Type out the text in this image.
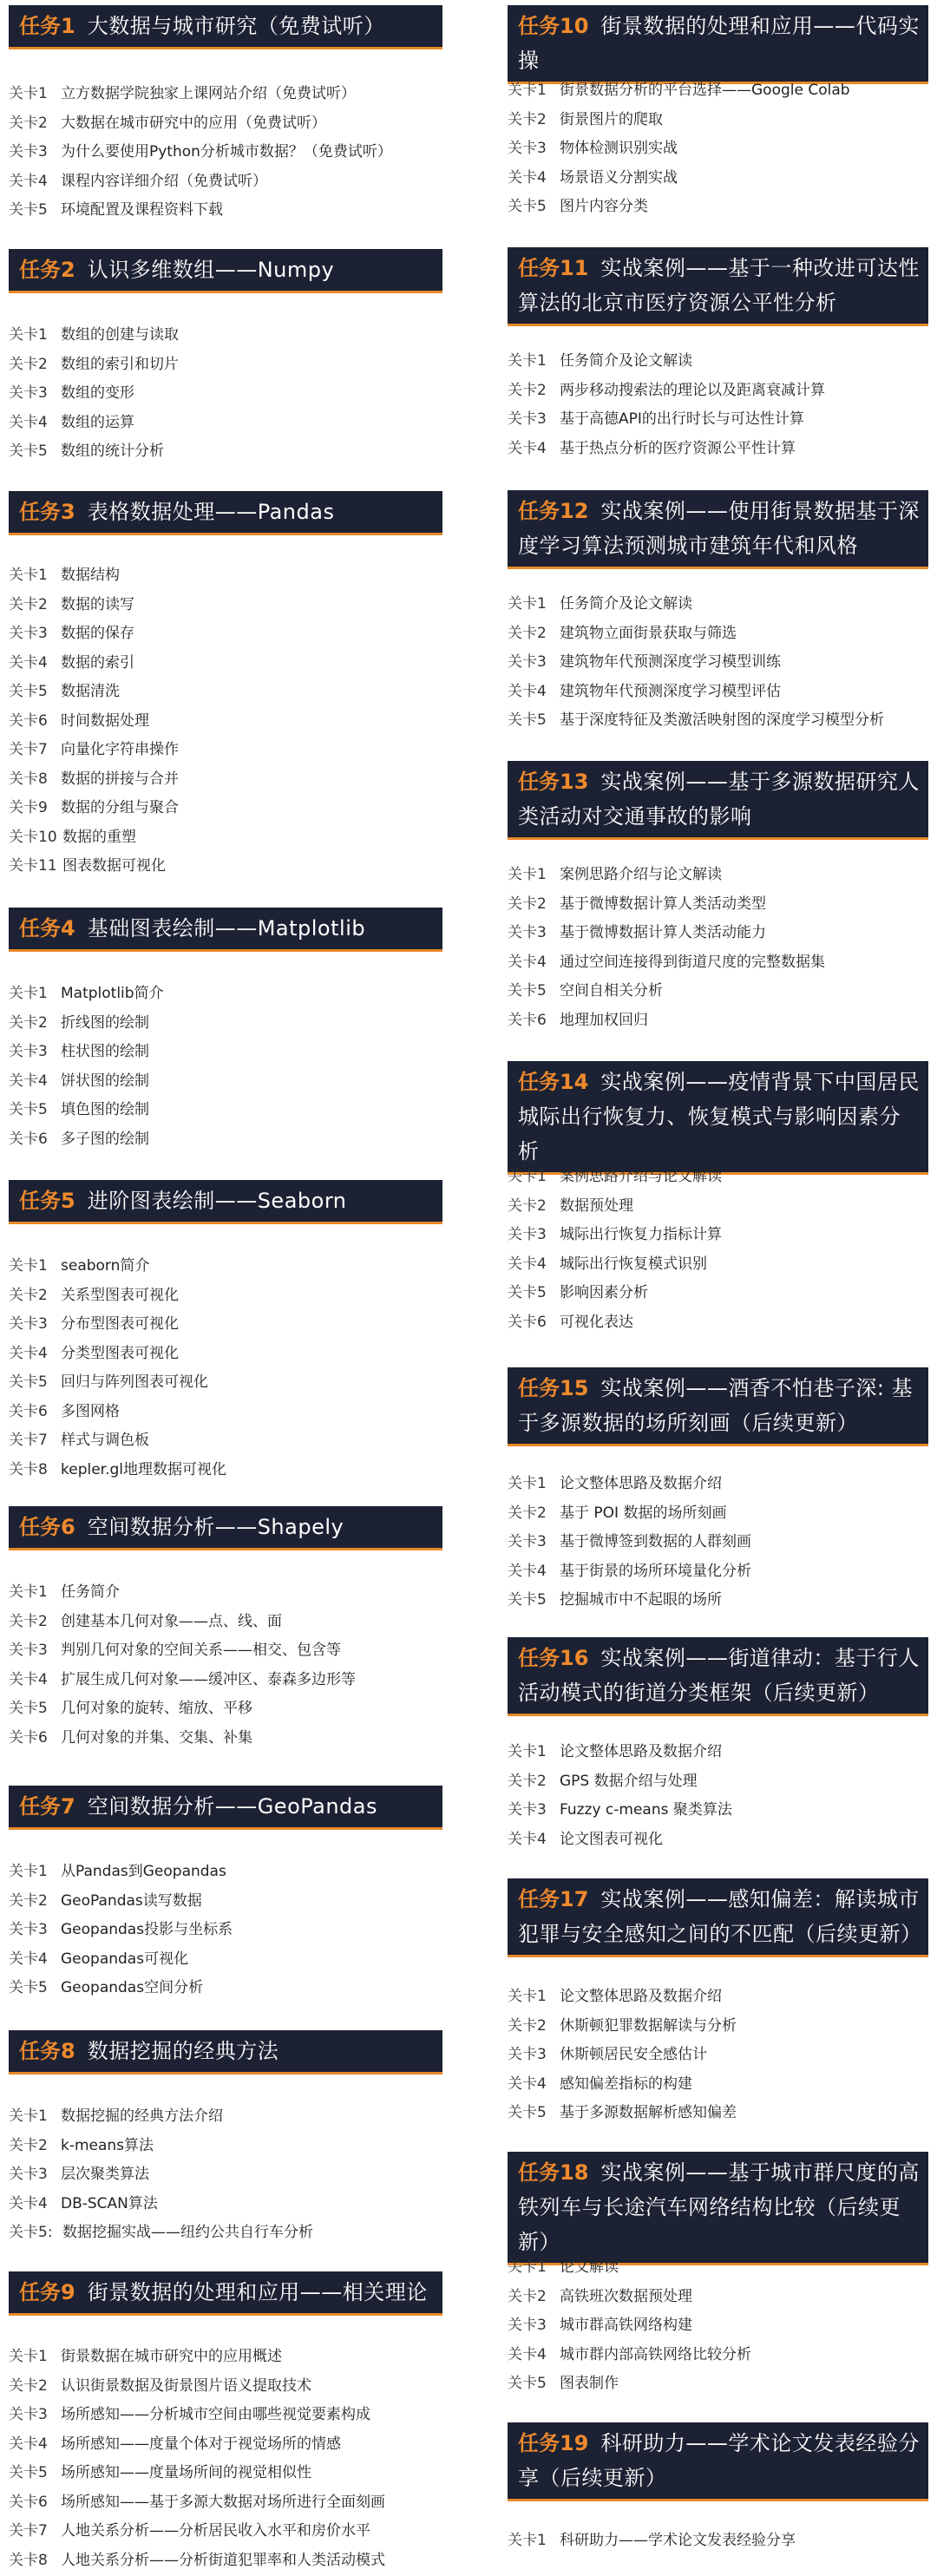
任务1 大数据与城市研究（免费试听）
关卡1 立方数据学院独家上课网站介绍（免费试听）
关卡2 大数据在城市研究中的应用（免费试听）
关卡3 为什么要使用Python分析城市数据？（免费试听）
关卡4 课程内容详细介绍（免费试听）
关卡5 环境配置及课程资料下载
任务2 认识多维数组——Numpy
关卡1 数组的创建与读取
关卡2 数组的索引和切片
关卡3 数组的变形
关卡4 数组的运算
关卡5 数组的统计分析
任务3 表格数据处理——Pandas
关卡1 数据结构
关卡2 数据的读写
关卡3 数据的保存
关卡4 数据的索引
关卡5 数据清洗
关卡6 时间数据处理
关卡7 向量化字符串操作
关卡8 数据的拼接与合并
关卡9 数据的分组与聚合
关卡10 数据的重塑
关卡11 图表数据可视化
任务4 基础图表绘制——Matplotlib
关卡1 Matplotlib简介
关卡2 折线图的绘制
关卡3 柱状图的绘制
关卡4 饼状图的绘制
关卡5 填色图的绘制
关卡6 多子图的绘制
任务5 进阶图表绘制——Seaborn
关卡1 seaborn简介
关卡2 关系型图表可视化
关卡3 分布型图表可视化
关卡4 分类型图表可视化
关卡5 回归与阵列图表可视化
关卡6 多图网格
关卡7 样式与调色板
关卡8 kepler.gl地理数据可视化
任务6 空间数据分析——Shapely
关卡1 任务简介
关卡2 创建基本几何对象——点、线、面
关卡3 判别几何对象的空间关系——相交、包含等
关卡4 扩展生成几何对象——缓冲区、泰森多边形等
关卡5 几何对象的旋转、缩放、平移
关卡6 几何对象的并集、交集、补集
任务7 空间数据分析——GeoPandas
关卡1 从Pandas到Geopandas
关卡2 GeoPandas读写数据
关卡3 Geopandas投影与坐标系
关卡4 Geopandas可视化
关卡5 Geopandas空间分析
任务8 数据挖掘的经典方法
关卡1 数据挖掘的经典方法介绍
关卡2 k-means算法
关卡3 层次聚类算法
关卡4 DB-SCAN算法
关卡5: 数据挖掘实战——纽约公共自行车分析
任务9 街景数据的处理和应用——相关理论
关卡1 街景数据在城市研究中的应用概述
关卡2 认识街景数据及街景图片语义提取技术
关卡3 场所感知——分析城市空间由哪些视觉要素构成
关卡4 场所感知——度量个体对于视觉场所的情感
关卡5 场所感知——度量场所间的视觉相似性
关卡6 场所感知——基于多源大数据对场所进行全面刻画
关卡7 人地关系分析——分析居民收入水平和房价水平
关卡8 人地关系分析——分析街道犯罪率和人类活动模式
任务10 街景数据的处理和应用——代码实操
关卡1 街景数据分析的平台选择——Google Colab
关卡2 街景图片的爬取
关卡3 物体检测识别实战
关卡4 场景语义分割实战
关卡5 图片内容分类
任务11 实战案例——基于一种改进可达性算法的北京市医疗资源公平性分析
关卡1 任务简介及论文解读
关卡2 两步移动搜索法的理论以及距离衰减计算
关卡3 基于高德API的出行时长与可达性计算
关卡4 基于热点分析的医疗资源公平性计算
任务12 实战案例——使用街景数据基于深度学习算法预测城市建筑年代和风格
关卡1 任务简介及论文解读
关卡2 建筑物立面街景获取与筛选
关卡3 建筑物年代预测深度学习模型训练
关卡4 建筑物年代预测深度学习模型评估
关卡5 基于深度特征及类激活映射图的深度学习模型分析
任务13 实战案例——基于多源数据研究人类活动对交通事故的影响
关卡1 案例思路介绍与论文解读
关卡2 基于微博数据计算人类活动类型
关卡3 基于微博数据计算人类活动能力
关卡4 通过空间连接得到街道尺度的完整数据集
关卡5 空间自相关分析
关卡6 地理加权回归
任务14 实战案例——疫情背景下中国居民城际出行恢复力、恢复模式与影响因素分析
关卡1 案例思路介绍与论文解读
关卡2 数据预处理
关卡3 城际出行恢复力指标计算
关卡4 城际出行恢复模式识别
关卡5 影响因素分析
关卡6 可视化表达
任务15 实战案例——酒香不怕巷子深: 基于多源数据的场所刻画（后续更新）
关卡1 论文整体思路及数据介绍
关卡2 基于 POI 数据的场所刻画
关卡3 基于微博签到数据的人群刻画
关卡4 基于街景的场所环境量化分析
关卡5 挖掘城市中不起眼的场所
任务16 实战案例——街道律动：基于行人活动模式的街道分类框架（后续更新）
关卡1 论文整体思路及数据介绍
关卡2 GPS 数据介绍与处理
关卡3 Fuzzy c-means 聚类算法
关卡4 论文图表可视化
任务17 实战案例——感知偏差：解读城市犯罪与安全感知之间的不匹配（后续更新）
关卡1 论文整体思路及数据介绍
关卡2 休斯顿犯罪数据解读与分析
关卡3 休斯顿居民安全感估计
关卡4 感知偏差指标的构建
关卡5 基于多源数据解析感知偏差
任务18 实战案例——基于城市群尺度的高铁列车与长途汽车网络结构比较（后续更新）
关卡1 论文解读
关卡2 高铁班次数据预处理
关卡3 城市群高铁网络构建
关卡4 城市群内部高铁网络比较分析
关卡5 图表制作
任务19 科研助力——学术论文发表经验分享（后续更新）
关卡1 科研助力——学术论文发表经验分享
